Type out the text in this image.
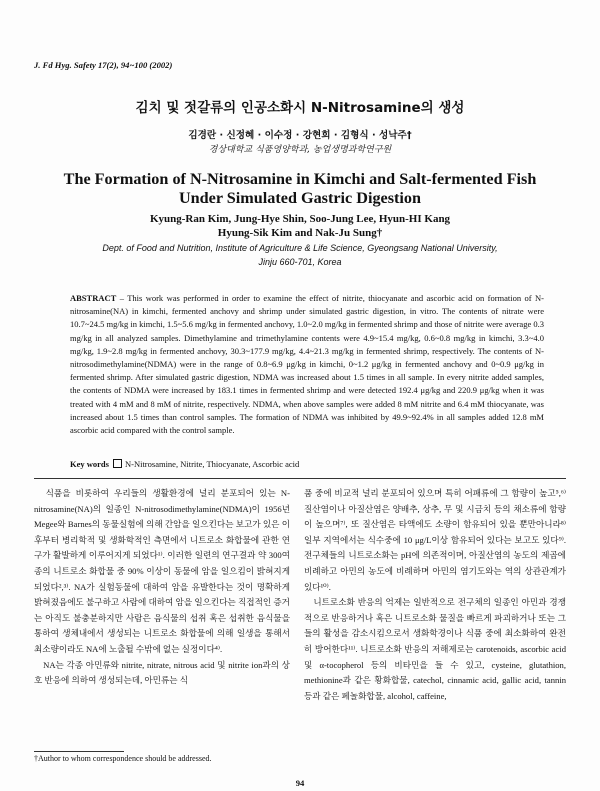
J. Fd Hyg. Safety 17(2), 94~100 (2002)
김치 및 젓갈류의 인공소화시 N-Nitrosamine의 생성
김경란 · 신정혜 · 이수정 · 강현희 · 김형식 · 성낙주†
경상대학교 식품영양학과, 농업생명과학연구원
The Formation of N-Nitrosamine in Kimchi and Salt-fermented Fish
Under Simulated Gastric Digestion
Kyung-Ran Kim, Jung-Hye Shin, Soo-Jung Lee, Hyun-HI Kang
Hyung-Sik Kim and Nak-Ju Sung†
Dept. of Food and Nutrition, Institute of Agriculture & Life Science, Gyeongsang National University,
Jinju 660-701, Korea
ABSTRACT – This work was performed in order to examine the effect of nitrite, thiocyanate and ascorbic acid on formation of N-nitrosamine(NA) in kimchi, fermented anchovy and shrimp under simulated gastric digestion, in vitro. The contents of nitrate were 10.7~24.5 mg/kg in kimchi, 1.5~5.6 mg/kg in fermented anchovy, 1.0~2.0 mg/kg in fermented shrimp and those of nitrite were average 0.3 mg/kg in all analyzed samples. Dimethylamine and trimethylamine contents were 4.9~15.4 mg/kg, 0.6~0.8 mg/kg in kimchi, 3.3~4.0 mg/kg, 1.9~2.8 mg/kg in fermented anchovy, 30.3~177.9 mg/kg, 4.4~21.3 mg/kg in fermented shrimp, respectively. The contents of N-nitrosodimethylamine(NDMA) were in the range of 0.8~6.9 μg/kg in kimchi, 0~1.2 μg/kg in fermented anchovy and 0~0.9 μg/kg in fermented shrimp. After simulated gastric digestion, NDMA was increased about 1.5 times in all sample. In every nitrite added samples, the contents of NDMA were increased by 183.1 times in fermented shrimp and were detected 192.4 μg/kg and 220.9 μg/kg when it was treated with 4 mM and 8 mM of nitrite, respectively. NDMA, when above samples were added 8 mM nitrite and 6.4 mM thiocyanate, was increased about 1.5 times than control samples. The formation of NDMA was inhibited by 49.9~92.4% in all samples added 12.8 mM ascorbic acid compared with the control sample.
Key words N-Nitrosamine, Nitrite, Thiocyanate, Ascorbic acid

　식품을 비롯하여 우리들의 생활환경에 널리 분포되어 있는 N-nitrosamine(NA)의 일종인 N-nitrosodimethylamine(NDMA)이 1956년 Megee와 Barnes의 동물실험에 의해 간암을 일으킨다는 보고가 있은 이후부터 병리학적 및 생화학적인 측면에서 니트로소 화합물에 관한 연구가 활발하게 이루어지게 되었다¹⁾. 이러한 일련의 연구결과 약 300여종의 니트로소 화합물 중 90% 이상이 동물에 암을 일으킴이 밝혀지게 되었다²,³⁾. NA가 실험동물에 대하여 암을 유발한다는 것이 명확하게 밝혀졌음에도 불구하고 사람에 대하여 암을 일으킨다는 직접적인 증거는 아직도 불충분하지만 사람은 음식물의 섭취 혹은 섭취한 음식물을 통하여 생체내에서 생성되는 니트로소 화합물에 의해 일생을 통해서 최소량이라도 NA에 노출될 수밖에 없는 실정이다⁴⁾.

　NA는 각종 아민류와 nitrite, nitrate, nitrous acid 및 nitrite ion과의 상호 반응에 의하여 생성되는데, 아민류는 식

품 중에 비교적 널리 분포되어 있으며 특히 어패류에 그 함량이 높고⁵,⁶⁾ 질산염이나 아질산염은 양배추, 상추, 무 및 시금치 등의 채소류에 함량이 높으며⁷⁾, 또 질산염은 타액에도 소량이 함유되어 있을 뿐만아니라⁸⁾ 일부 지역에서는 식수중에 10 μg/L이상 함유되어 있다는 보고도 있다⁹⁾. 전구체들의 니트로소화는 pH에 의존적이며, 아질산염의 농도의 제곱에 비례하고 아민의 농도에 비례하며 아민의 염기도와는 역의 상관관계가 있다¹⁰⁾.

　니트로소화 반응의 억제는 일반적으로 전구체의 일종인 아민과 경쟁적으로 반응하거나 혹은 니트로소화 물질을 빠르게 파괴하거나 또는 그들의 활성을 감소시킴으로서 생화학경이나 식품 중에 최소화하여 완전히 방어한다¹¹⁾. 니트로소화 반응의 저해제로는 carotenoids, ascorbic acid 및 α-tocopherol 등의 비타민을 들 수 있고, cysteine, glutathion, methionine과 같은 황화합물, catechol, cinnamic acid, gallic acid, tannin 등과 같은 페놀화합물, alcohol, caffeine,

†Author to whom correspondence should be addressed.
94
